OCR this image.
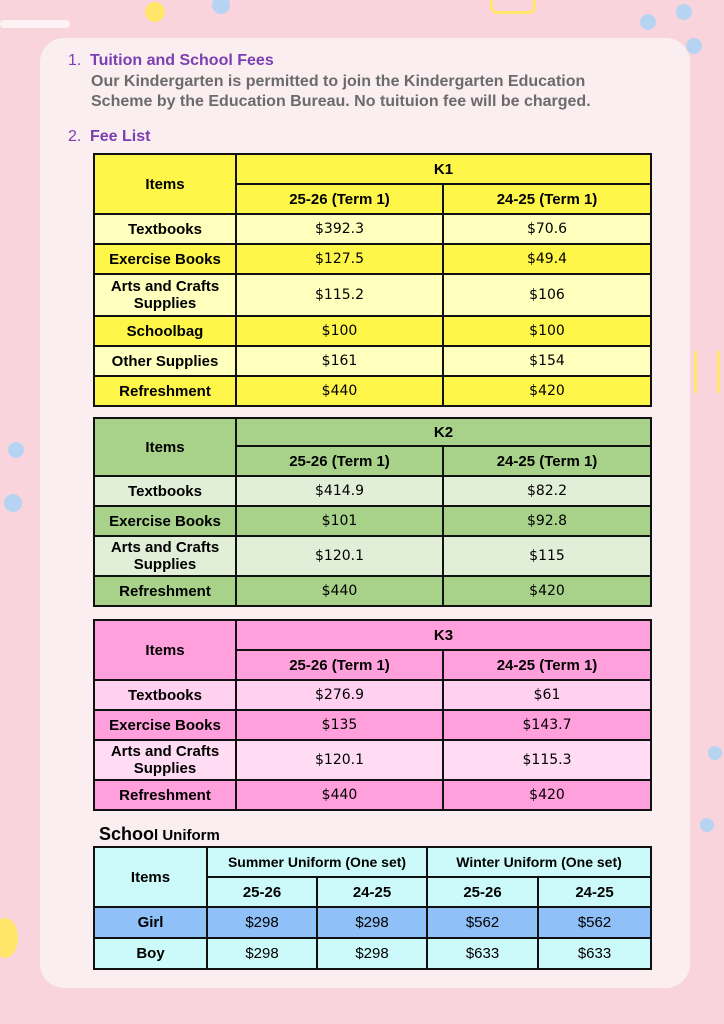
1. Tuition and School Fees
Our Kindergarten is permitted to join the Kindergarten Education Scheme by the Education Bureau. No tuituion fee will be charged.
2. Fee List
Items	K1	
	25-26 (Term 1)	24-25 (Term 1)
Textbooks	$392.3	$70.6
Exercise Books	$127.5	$49.4
Arts and Crafts Supplies	$115.2	$106
Schoolbag	$100	$100
Other Supplies	$161	$154
Refreshment	$440	$420
Items	K2	
	25-26 (Term 1)	24-25 (Term 1)
Textbooks	$414.9	$82.2
Exercise Books	$101	$92.8
Arts and Crafts Supplies	$120.1	$115
Refreshment	$440	$420
Items	K3	
	25-26 (Term 1)	24-25 (Term 1)
Textbooks	$276.9	$61
Exercise Books	$135	$143.7
Arts and Crafts Supplies	$120.1	$115.3
Refreshment	$440	$420
School Uniform
Items	Summer Uniform (One set)		Winter Uniform (One set)	
	25-26	24-25	25-26	24-25
Girl	$298	$298	$562	$562
Boy	$298	$298	$633	$633
